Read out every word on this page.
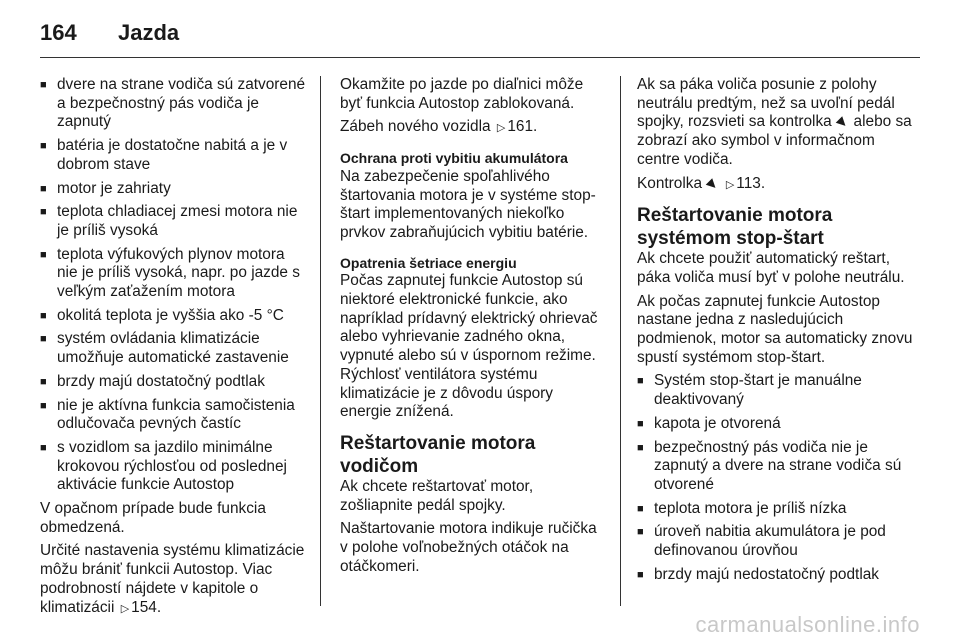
164	Jazda
■ dvere na strane vodiča sú zatvorené a bezpečnostný pás vodiča je zapnutý
■ batéria je dostatočne nabitá a je v dobrom stave
■ motor je zahriaty
■ teplota chladiacej zmesi motora nie je príliš vysoká
■ teplota výfukových plynov motora nie je príliš vysoká, napr. po jazde s veľkým zaťažením motora
■ okolitá teplota je vyššia ako -5 °C
■ systém ovládania klimatizácie umožňuje automatické zastavenie
■ brzdy majú dostatočný podtlak
■ nie je aktívna funkcia samočistenia odlučovača pevných častíc
■ s vozidlom sa jazdilo minimálne krokovou rýchlosťou od poslednej aktivácie funkcie Autostop

V opačnom prípade bude funkcia obmedzená.

Určité nastavenia systému klimatizácie môžu brániť funkcii Autostop. Viac podrobností nájdete v kapitole o klimatizácii ▷ 154.

Okamžite po jazde po diaľnici môže byť funkcia Autostop zablokovaná.

Zábeh nového vozidla ▷ 161.

Ochrana proti vybitiu akumulátora

Na zabezpečenie spoľahlivého štartovania motora je v systéme stop-štart implementovaných niekoľko prvkov zabraňujúcich vybitiu batérie.

Opatrenia šetriace energiu

Počas zapnutej funkcie Autostop sú niektoré elektronické funkcie, ako napríklad prídavný elektrický ohrievač alebo vyhrievanie zadného okna, vypnuté alebo sú v úspornom režime. Rýchlosť ventilátora systému klimatizácie je z dôvodu úspory energie znížená.

Reštartovanie motora vodičom

Ak chcete reštartovať motor, zošliapnite pedál spojky.

Naštartovanie motora indikuje ručička v polohe voľnobežných otáčok na otáčkomeri.

Ak sa páka voliča posunie z polohy neutrálu predtým, než sa uvoľní pedál spojky, rozsvieti sa kontrolka ▶ alebo sa zobrazí ako symbol v informačnom centre vodiča.

Kontrolka ▶ ▷ 113.

Reštartovanie motora systémom stop-štart

Ak chcete použiť automatický reštart, páka voliča musí byť v polohe neutrálu.

Ak počas zapnutej funkcie Autostop nastane jedna z nasledujúcich podmienok, motor sa automaticky znovu spustí systémom stop-štart.

■ Systém stop-štart je manuálne deaktivovaný
■ kapota je otvorená
■ bezpečnostný pás vodiča nie je zapnutý a dvere na strane vodiča sú otvorené
■ teplota motora je príliš nízka
■ úroveň nabitia akumulátora je pod definovanou úrovňou
■ brzdy majú nedostatočný podtlak
carmanualsonline.info
